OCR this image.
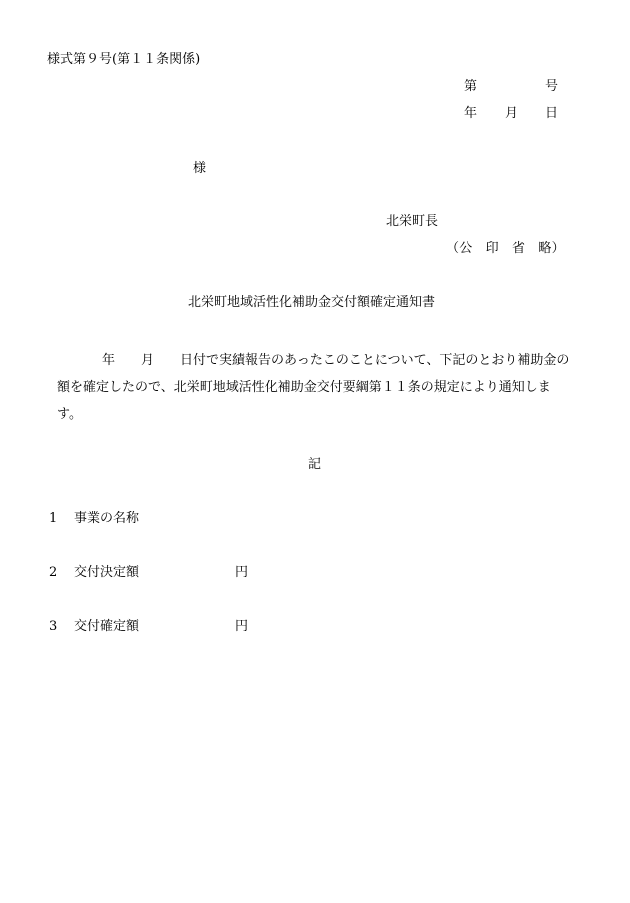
様式第９号(第１１条関係)
第	号
年 月 日
様
北栄町長
（公　印　省　略）
北栄町地域活性化補助金交付額確定通知書
年　　月　　日付で実績報告のあったこのことについて、下記のとおり補助金の
額を確定したので、北栄町地域活性化補助金交付要綱第１１条の規定により通知しま
す。
記
1 事業の名称
2 交付決定額	円
3 交付確定額	円
